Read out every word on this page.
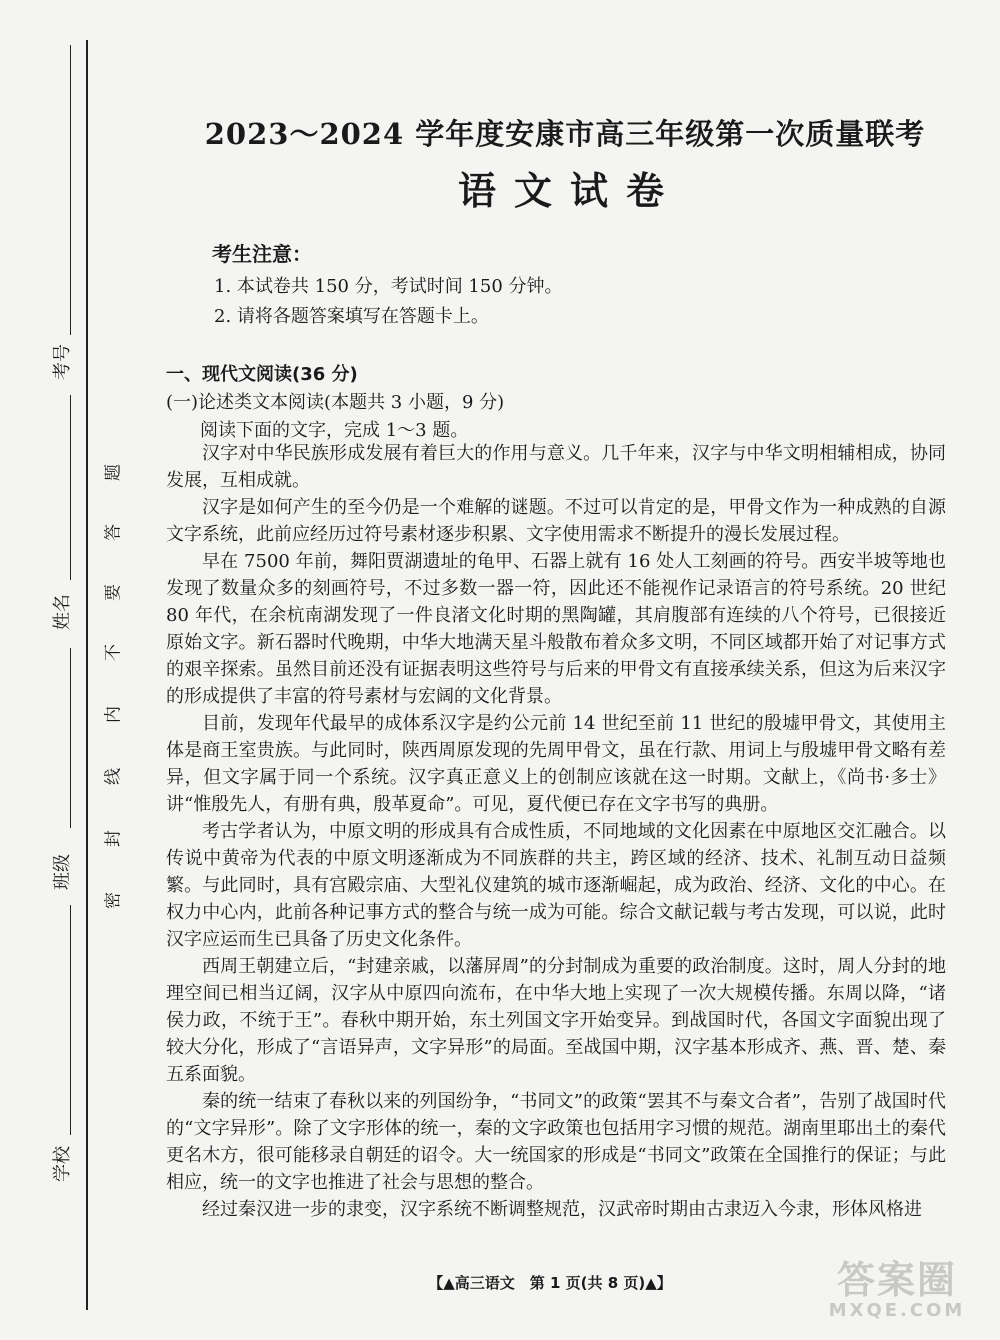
考号
姓名
班级
学校
题
答
要
不
内
线
封
密
2023～2024 学年度安康市高三年级第一次质量联考
语文试卷
考生注意：
1. 本试卷共 150 分，考试时间 150 分钟。
2. 请将各题答案填写在答题卡上。
一、现代文阅读(36 分)
(一)论述类文本阅读(本题共 3 小题，9 分)
阅读下面的文字，完成 1～3 题。

汉字对中华民族形成发展有着巨大的作用与意义。几千年来，汉字与中华文明相辅相成，协同发展，互相成就。

汉字是如何产生的至今仍是一个难解的谜题。不过可以肯定的是，甲骨文作为一种成熟的自源文字系统，此前应经历过符号素材逐步积累、文字使用需求不断提升的漫长发展过程。

早在 7500 年前，舞阳贾湖遗址的龟甲、石器上就有 16 处人工刻画的符号。西安半坡等地也发现了数量众多的刻画符号，不过多数一器一符，因此还不能视作记录语言的符号系统。20 世纪 80 年代，在余杭南湖发现了一件良渚文化时期的黑陶罐，其肩腹部有连续的八个符号，已很接近原始文字。新石器时代晚期，中华大地满天星斗般散布着众多文明，不同区域都开始了对记事方式的艰辛探索。虽然目前还没有证据表明这些符号与后来的甲骨文有直接承续关系，但这为后来汉字的形成提供了丰富的符号素材与宏阔的文化背景。

目前，发现年代最早的成体系汉字是约公元前 14 世纪至前 11 世纪的殷墟甲骨文，其使用主体是商王室贵族。与此同时，陕西周原发现的先周甲骨文，虽在行款、用词上与殷墟甲骨文略有差异，但文字属于同一个系统。汉字真正意义上的创制应该就在这一时期。文献上，《尚书·多士》讲“惟殷先人，有册有典，殷革夏命”。可见，夏代便已存在文字书写的典册。

考古学者认为，中原文明的形成具有合成性质，不同地域的文化因素在中原地区交汇融合。以传说中黄帝为代表的中原文明逐渐成为不同族群的共主，跨区域的经济、技术、礼制互动日益频繁。与此同时，具有宫殿宗庙、大型礼仪建筑的城市逐渐崛起，成为政治、经济、文化的中心。在权力中心内，此前各种记事方式的整合与统一成为可能。综合文献记载与考古发现，可以说，此时汉字应运而生已具备了历史文化条件。

西周王朝建立后，“封建亲戚，以藩屏周”的分封制成为重要的政治制度。这时，周人分封的地理空间已相当辽阔，汉字从中原四向流布，在中华大地上实现了一次大规模传播。东周以降，“诸侯力政，不统于王”。春秋中期开始，东土列国文字开始变异。到战国时代，各国文字面貌出现了较大分化，形成了“言语异声，文字异形”的局面。至战国中期，汉字基本形成齐、燕、晋、楚、秦五系面貌。

秦的统一结束了春秋以来的列国纷争，“书同文”的政策“罢其不与秦文合者”，告别了战国时代的“文字异形”。除了文字形体的统一，秦的文字政策也包括用字习惯的规范。湖南里耶出土的秦代更名木方，很可能移录自朝廷的诏令。大一统国家的形成是“书同文”政策在全国推行的保证；与此相应，统一的文字也推进了社会与思想的整合。

经过秦汉进一步的隶变，汉字系统不断调整规范，汉武帝时期由古隶迈入今隶，形体风格进

【▲高三语文　第 1 页(共 8 页)▲】	答案圈
MXQE.COM
